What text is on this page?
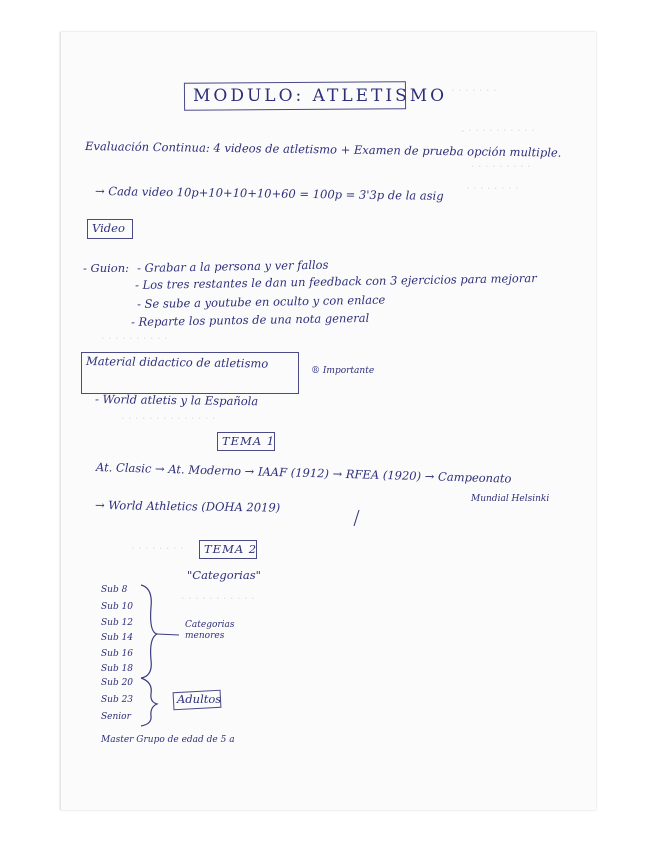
· · · · · · ·
- · · · · · · · · · ·
· · · · · · · · ·
· · · · · · · ·
· · · · · · · · · ·
· · · · · · · · · · · · · ·
· · · · · · · ·
· · · · · · · · · · ·
MODULO: ATLETISMO
Evaluación Continua: 4 videos de atletismo + Examen de prueba opción multiple.
→ Cada video 10p+10+10+10+60 = 100p = 3'3p de la asig
Video
- Guion: - Grabar a la persona y ver fallos
- Los tres restantes le dan un feedback con 3 ejercicios para mejorar
- Se sube a youtube en oculto y con enlace
- Reparte los puntos de una nota general
Material didactico de atletismo
® Importante
- World atletis y la Española
TEMA 1
At. Clasic → At. Moderno → IAAF (1912) → RFEA (1920) → Campeonato
Mundial Helsinki
→ World Athletics (DOHA 2019)
TEMA 2
"Categorias"
Sub 8
Sub 10
Sub 12
Sub 14
Sub 16
Sub 18
Categorias menores
Sub 20
Sub 23
Senior
Adultos
Master Grupo de edad de 5 a
